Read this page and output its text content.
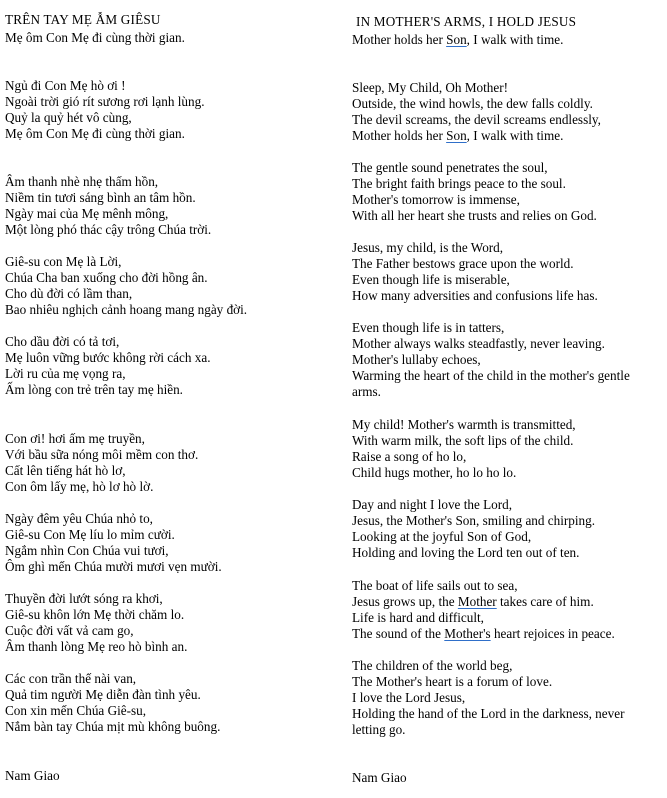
TRÊN TAY MẸ ẪM GIÊSU
Mẹ ôm Con Mẹ đi cùng thời gian.
Ngủ đi Con Mẹ hò ơi !
Ngoài trời gió rít sương rơi lạnh lùng.
Quỷ la quỷ hét vô cùng,
Mẹ ôm Con Mẹ đi cùng thời gian.
Âm thanh nhè nhẹ thấm hồn,
Niềm tin tươi sáng bình an tâm hồn.
Ngày mai của Mẹ mênh mông,
Một lòng phó thác cậy trông Chúa trời.
Giê-su con Mẹ là Lời,
Chúa Cha ban xuống cho đời hồng ân.
Cho dù đời có lầm than,
Bao nhiêu nghịch cảnh hoang mang ngày đời.
Cho dầu đời có tả tơi,
Mẹ luôn vững bước không rời cách xa.
Lời ru của mẹ vọng ra,
Ấm lòng con trẻ trên tay mẹ hiền.
Con ơi! hơi ấm mẹ truyền,
Với bầu sữa nóng môi mềm con thơ.
Cất lên tiếng hát hò lơ,
Con ôm lấy mẹ, hò lơ hò lờ.
Ngày đêm yêu Chúa nhỏ to,
Giê-su Con Mẹ líu lo mỉm cười.
Ngắm nhìn Con Chúa vui tươi,
Ôm ghì mến Chúa mười mươi vẹn mười.
Thuyền đời lướt sóng ra khơi,
Giê-su khôn lớn Mẹ thời chăm lo.
Cuộc đời vất vả cam go,
Âm thanh lòng Mẹ reo hò bình an.
Các con trần thế nài van,
Quả tim người Mẹ diễn đàn tình yêu.
Con xin mến Chúa Giê-su,
Nắm bàn tay Chúa mịt mù không buông.
Nam Giao
IN MOTHER'S ARMS, I HOLD JESUS
Mother holds her Son, I walk with time.
Sleep, My Child, Oh Mother!
Outside, the wind howls, the dew falls coldly.
The devil screams, the devil screams endlessly,
Mother holds her Son, I walk with time.
The gentle sound penetrates the soul,
The bright faith brings peace to the soul.
Mother's tomorrow is immense,
With all her heart she trusts and relies on God.
Jesus, my child, is the Word,
The Father bestows grace upon the world.
Even though life is miserable,
How many adversities and confusions life has.
Even though life is in tatters,
Mother always walks steadfastly, never leaving.
Mother's lullaby echoes,
Warming the heart of the child in the mother's gentle arms.
My child! Mother's warmth is transmitted,
With warm milk, the soft lips of the child.
Raise a song of ho lo,
Child hugs mother, ho lo ho lo.
Day and night I love the Lord,
Jesus, the Mother's Son, smiling and chirping.
Looking at the joyful Son of God,
Holding and loving the Lord ten out of ten.
The boat of life sails out to sea,
Jesus grows up, the Mother takes care of him.
Life is hard and difficult,
The sound of the Mother's heart rejoices in peace.
The children of the world beg,
The Mother's heart is a forum of love.
I love the Lord Jesus,
Holding the hand of the Lord in the darkness, never letting go.
Nam Giao
